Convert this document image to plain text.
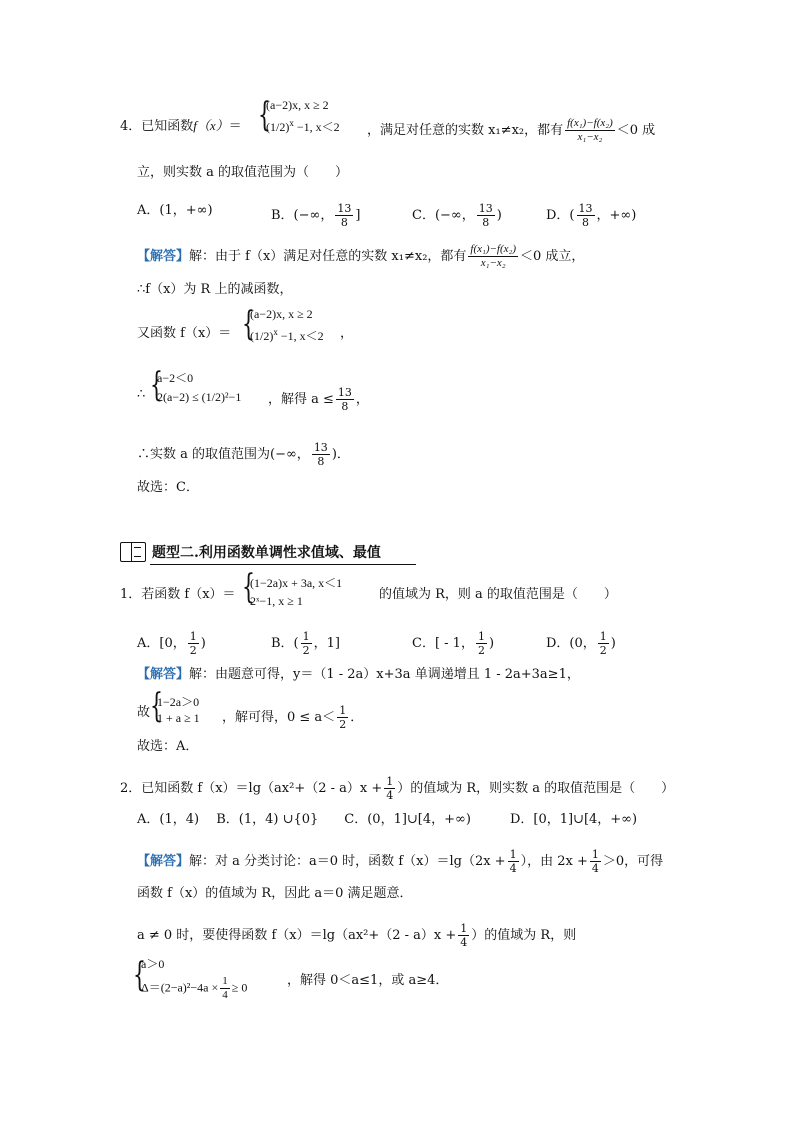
4．已知函数f（x）＝ {
(a−2)x, x ≥ 2
$(1/2)^x -1$, x＜2 ，满足对任意的实数 x₁≠x₂，都有 $\frac{\text{f(x₁)−f(x₂)}}{\text{x₁−x₂}} <0$ 成
立，则实数 a 的取值范围为（　　）
A．(1，+∞)	B．(−∞， $\frac{13}{8}$ ]	C．(−∞， $\frac{13}{8}$ )	D．( $\frac{13}{8}$ ，+∞)
【解答】解：由于 f（x）满足对任意的实数 x₁≠x₂，都有 $\frac{\text{f(x₁)−f(x₂)}}{\text{x₁−x₂}} <0$ 成立，
∴f（x）为 R 上的减函数，
又函数 f（x）＝ {
(a−2)x, x ≥ 2
$(1/2)^x -1$, x＜2 ，
∴ {
a−2＜0
2(a−2) ≤ (1/2)²−1 ，解得 $a \le \frac{13}{8}$ ，
∴实数 a 的取值范围为(−∞， $\frac{13}{8}$ )．
故选：C．
题型二.利用函数单调性求值域、最值
1．若函数 f（x）＝ {
(1−2a)x + 3a, x＜1
2ˣ−1, x ≥ 1	的值域为 R，则 a 的取值范围是（　　）
A．[0， $\frac{1}{2}$ )	B．( $\frac{1}{2}$ ，1]	C．[ - 1， $\frac{1}{2}$ )	D．(0， $\frac{1}{2}$ )
【解答】解：由题意可得，y＝（1 - 2a）x+3a 单调递增且 1 - 2a+3a≥1，
故 {
1−2a＞0
1 + a ≥ 1 ，解可得，$0 \le a< \frac{1}{2}$ ．
故选：A．
2．已知函数 $f(x)=\lg(ax^2+(2 - a)x + \frac{1}{4}$ ）的值域为 R，则实数 a 的取值范围是（　　）
A．(1，4)　 B．(1，4) ∪{0}　　C．(0，1]∪[4，+∞)　　　D．[0，1]∪[4，+∞)
【解答】解：对 a 分类讨论：a＝0 时，函数 $f(x)=\lg(2x + \frac{1}{4}$ ），由 $2x + \frac{1}{4} >0$，可得
函数 f（x）的值域为 R，因此 a＝0 满足题意．
a ≠ 0 时，要使得函数 $f(x)=\lg(ax^2+(2 - a)x + \frac{1}{4}$ ）的值域为 R，则
{
a＞0
$\Delta=(2-a)^2-4a \times \frac{1}{4} \ge 0$	，解得 0＜a≤1，或 a≥4．
